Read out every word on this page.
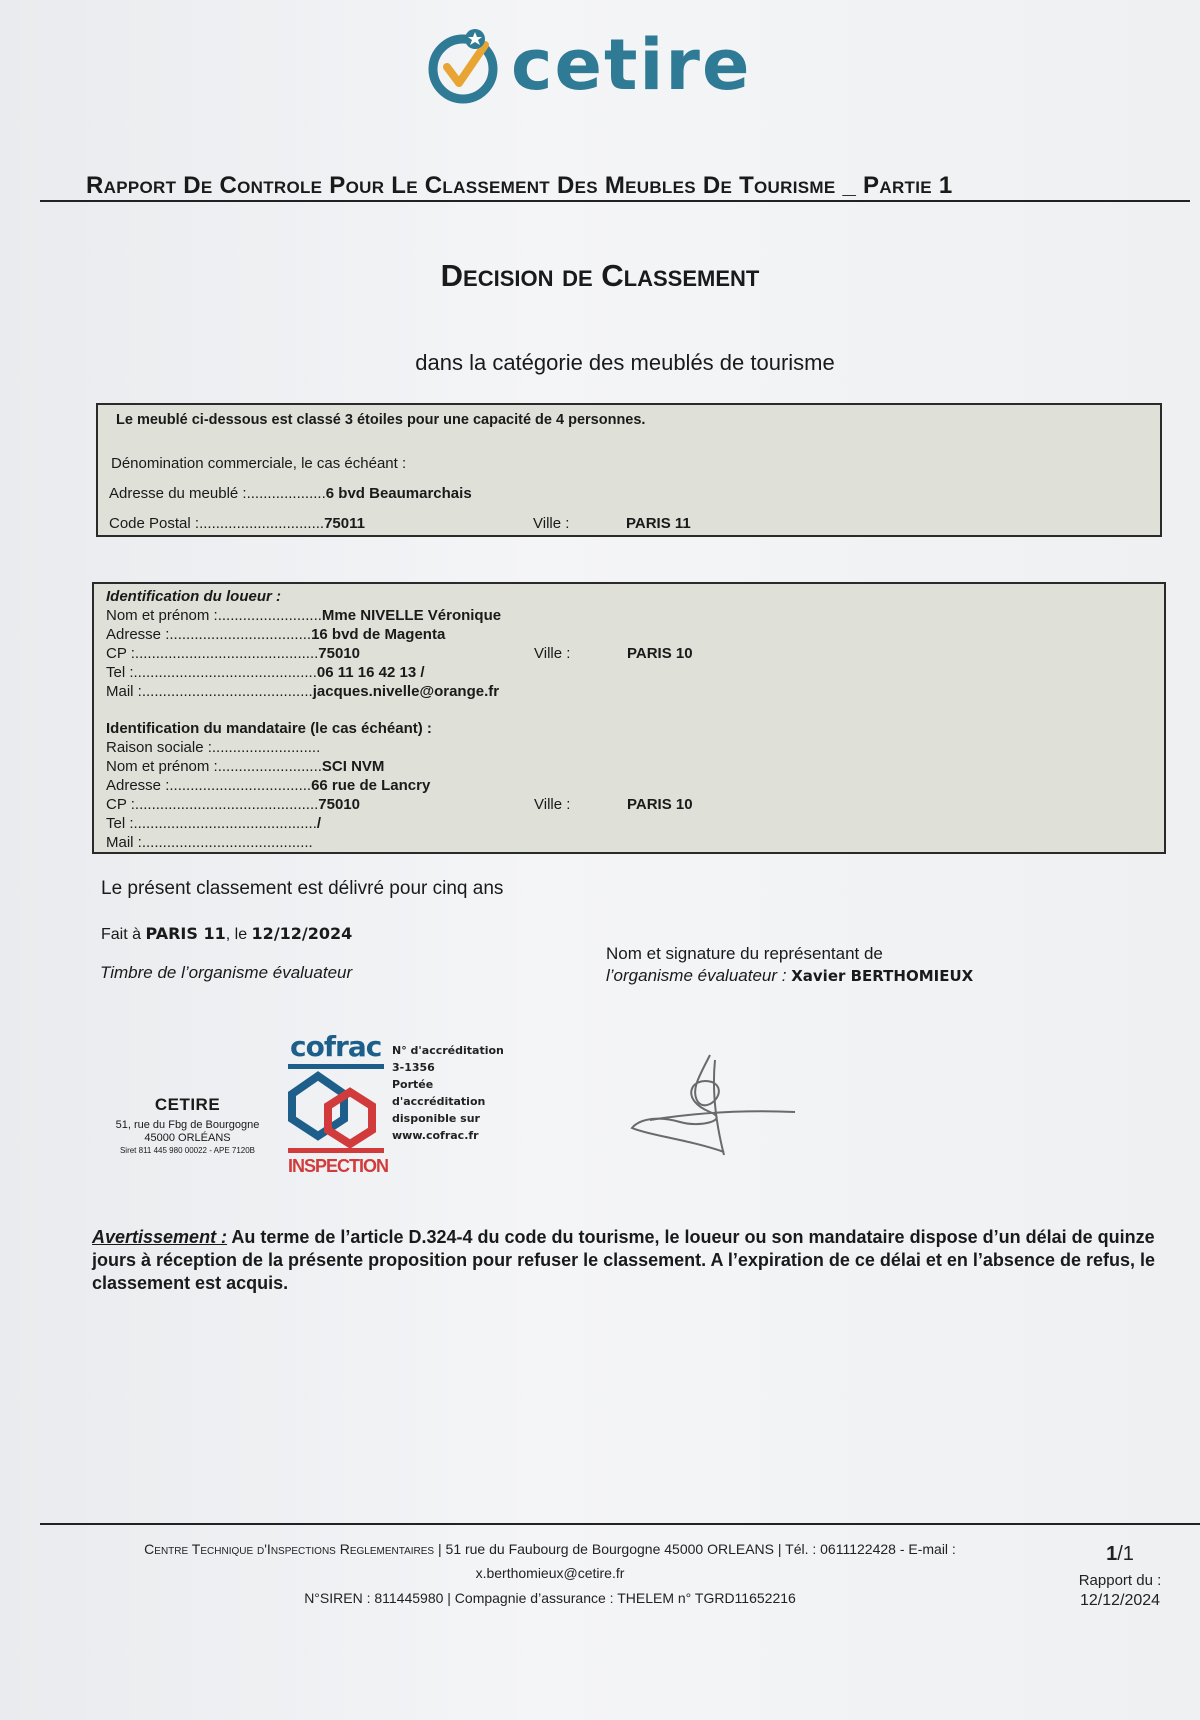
cetire
Rapport De Controle Pour Le Classement Des Meubles De Tourisme _ Partie 1
Decision de Classement
dans la catégorie des meublés de tourisme
Le meublé ci-dessous est classé 3 étoiles pour une capacité de 4 personnes.
Dénomination commerciale, le cas échéant :
Adresse du meublé :...................6 bvd Beaumarchais
Code Postal :..............................75011	Ville :	PARIS 11
Identification du loueur :
Nom et prénom :.........................Mme NIVELLE Véronique
Adresse :..................................16 bvd de Magenta
CP :............................................75010	Ville :	PARIS 10
Tel :............................................06 11 16 42 13 /
Mail :.........................................jacques.nivelle@orange.fr
Identification du mandataire (le cas échéant) :
Raison sociale :..........................
Nom et prénom :.........................SCI NVM
Adresse :..................................66 rue de Lancry
CP :............................................75010	Ville :	PARIS 10
Tel :............................................/
Mail :.........................................
Le présent classement est délivré pour cinq ans
Fait à PARIS 11, le 12/12/2024
Timbre de l’organisme évaluateur
Nom et signature du représentant de
l’organisme évaluateur : Xavier BERTHOMIEUX
CETIRE
51, rue du Fbg de Bourgogne
45000 ORLÉANS
Siret 811 445 980 00022 - APE 7120B
cofrac
INSPECTION
N° d'accréditation
3-1356
Portée
d'accréditation
disponible sur
www.cofrac.fr
Avertissement : Au terme de l’article D.324-4 du code du tourisme, le loueur ou son mandataire dispose d’un délai de quinze jours à réception de la présente proposition pour refuser le classement. A l’expiration de ce délai et en l’absence de refus, le classement est acquis.
Centre Technique d'Inspections Reglementaires | 51 rue du Faubourg de Bourgogne 45000 ORLEANS | Tél. : 0611122428 - E-mail :
x.berthomieux@cetire.fr
N°SIREN : 811445980 | Compagnie d’assurance : THELEM n° TGRD11652216
1/1
Rapport du :
12/12/2024
